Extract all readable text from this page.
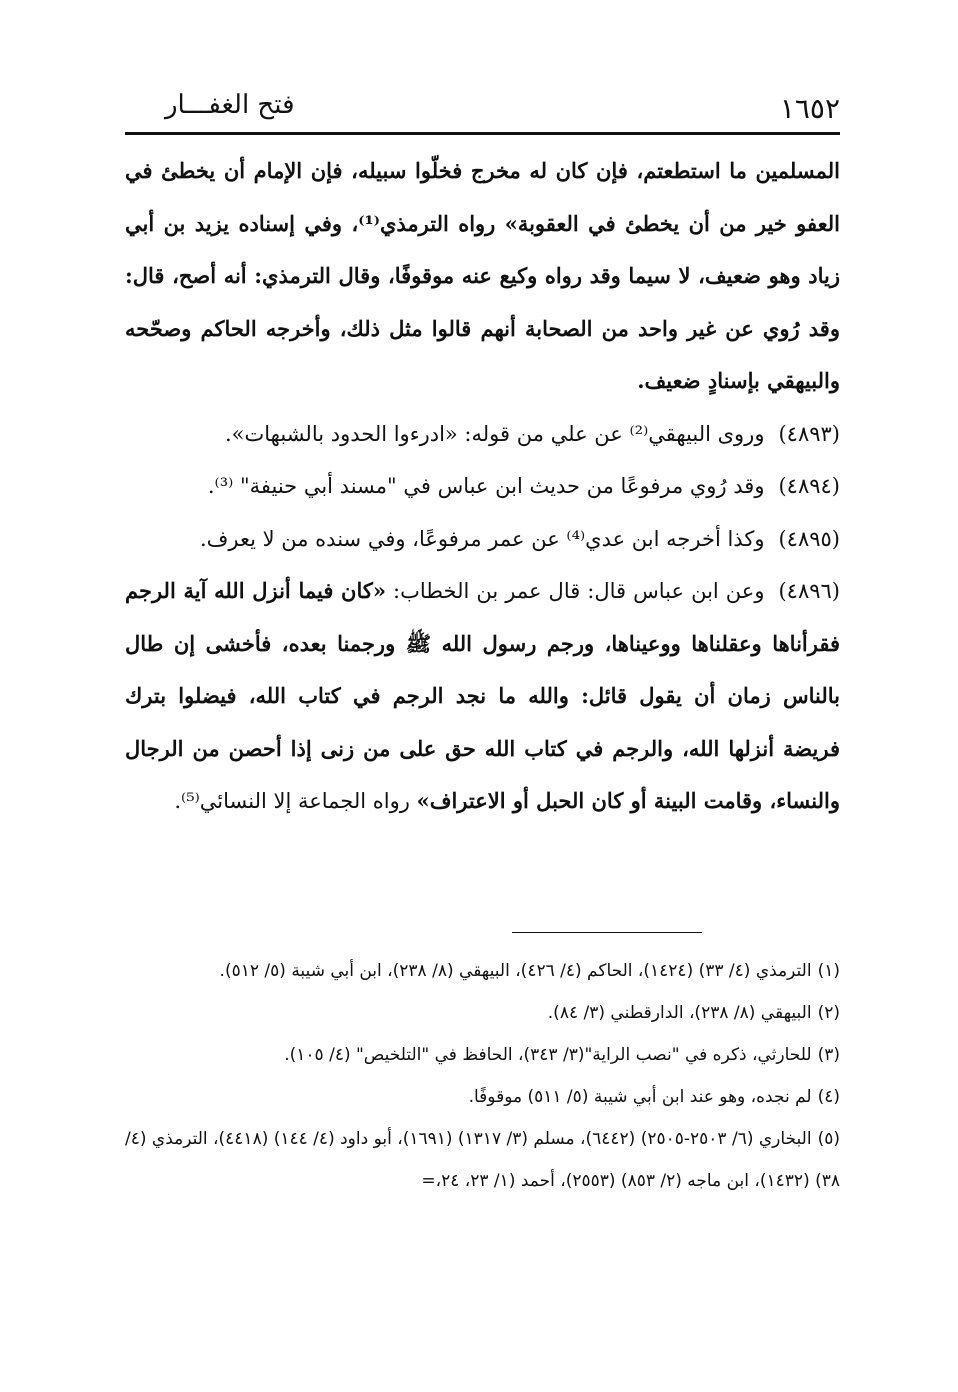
١٦٥٢
فتح الغفـــار

المسلمين ما استطعتم، فإن كان له مخرج فخلّوا سبيله، فإن الإمام أن يخطئ في العفو خير من أن يخطئ في العقوبة» رواه الترمذي⁽¹⁾، وفي إسناده يزيد بن أبي زياد وهو ضعيف، لا سيما وقد رواه وكيع عنه موقوفًا، وقال الترمذي: أنه أصح، قال: وقد رُوي عن غير واحد من الصحابة أنهم قالوا مثل ذلك، وأخرجه الحاكم وصحّحه والبيهقي بإسنادٍ ضعيف.

(٤٨٩٣)وروى البيهقي⁽²⁾ عن علي من قوله: «ادرءوا الحدود بالشبهات».

(٤٨٩٤)وقد رُوي مرفوعًا من حديث ابن عباس في "مسند أبي حنيفة" ⁽³⁾.

(٤٨٩٥)وكذا أخرجه ابن عدي⁽⁴⁾ عن عمر مرفوعًا، وفي سنده من لا يعرف.

(٤٨٩٦)وعن ابن عباس قال: قال عمر بن الخطاب: «كان فيما أنزل الله آية الرجم فقرأناها وعقلناها ووعيناها، ورجم رسول الله ﷺ ورجمنا بعده، فأخشى إن طال بالناس زمان أن يقول قائل: والله ما نجد الرجم في كتاب الله، فيضلوا بترك فريضة أنزلها الله، والرجم في كتاب الله حق على من زنى إذا أحصن من الرجال والنساء، وقامت البينة أو كان الحبل أو الاعتراف» رواه الجماعة إلا النسائي⁽⁵⁾.

(١)الترمذي (٤/ ٣٣) (١٤٢٤)، الحاكم (٤/ ٤٢٦)، البيهقي (٨/ ٢٣٨)، ابن أبي شيبة (٥/ ٥١٢).

(٢)البيهقي (٨/ ٢٣٨)، الدارقطني (٣/ ٨٤).

(٣)للحارثي، ذكره في "نصب الراية"(٣/ ٣٤٣)، الحافظ في "التلخيص" (٤/ ١٠٥).

(٤)لم نجده، وهو عند ابن أبي شيبة (٥/ ٥١١) موقوفًا.

(٥)البخاري (٦/ ٢٥٠٣-٢٥٠٥) (٦٤٤٢)، مسلم (٣/ ١٣١٧) (١٦٩١)، أبو داود (٤/ ١٤٤) (٤٤١٨)، الترمذي (٤/ ٣٨) (١٤٣٢)، ابن ماجه (٢/ ٨٥٣) (٢٥٥٣)، أحمد (١/ ٢٣، ٢٤،=
